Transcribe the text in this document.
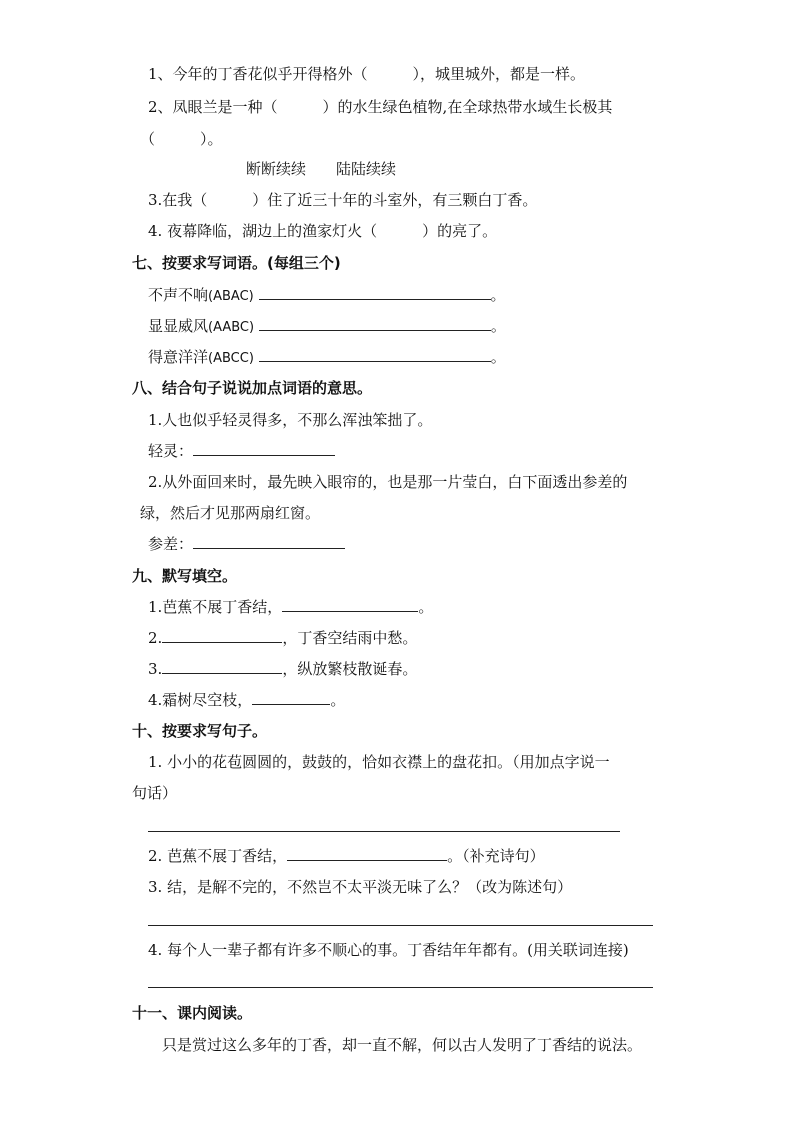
1、今年的丁香花似乎开得格外（　　　），城里城外，都是一样。
2、凤眼兰是一种（　　　）的水生绿色植物,在全球热带水域生长极其
（　　　）。
断断续续　　陆陆续续
3.在我（　　　）住了近三十年的斗室外，有三颗白丁香。
4. 夜幕降临，湖边上的渔家灯火（　　　）的亮了。
七、按要求写词语。(每组三个)
不声不响(ABAC)	。
显显威风(AABC)	。
得意洋洋(ABCC)	。
八、结合句子说说加点词语的意思。
1.人也似乎轻灵得多，不那么浑浊笨拙了。
轻灵：
2.从外面回来时，最先映入眼帘的，也是那一片莹白，白下面透出参差的
绿，然后才见那两扇红窗。
参差：
九、默写填空。
1.芭蕉不展丁香结，	。
2.	，丁香空结雨中愁。
3.	，纵放繁枝散诞春。
4.霜树尽空枝，	。
十、按要求写句子。
1. 小小的花苞圆圆的，鼓鼓的，恰如衣襟上的盘花扣。（用加点字说一
句话）
2. 芭蕉不展丁香结，	。（补充诗句）
3. 结，是解不完的，不然岂不太平淡无味了么？（改为陈述句）
4. 每个人一辈子都有许多不顺心的事。丁香结年年都有。(用关联词连接)
十一、课内阅读。
只是赏过这么多年的丁香，却一直不解，何以古人发明了丁香结的说法。
